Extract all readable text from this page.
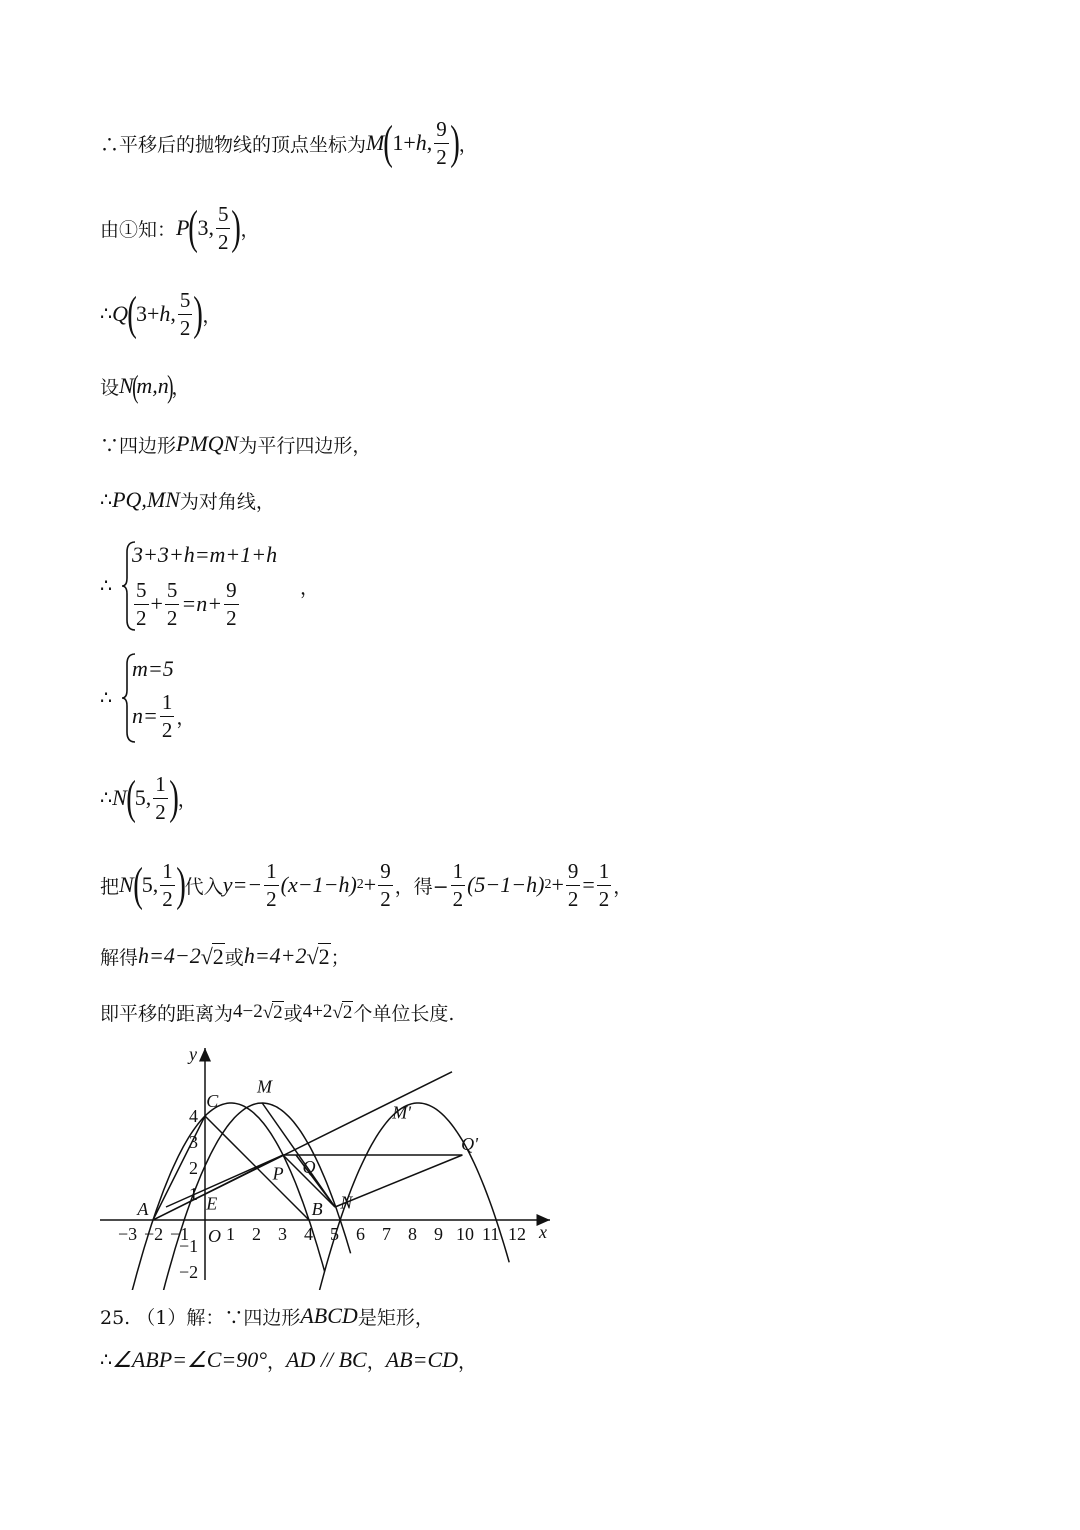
∴平移后的抛物线的顶点坐标为 M ( 1+ h , $\frac{9}{2}$ ) ，
由①知： P ( 3, $\frac{5}{2}$ ) ，
∴ Q ( 3+ h , $\frac{5}{2}$ ) ，
设 N
(
m,n
)
，
∵四边形 PMQN 为平行四边形，
∴ PQ,MN 为对角线，
∴
3+3+h=m+1+h
$\frac{5}{2} + \frac{5}{2} =n+ \frac{9}{2}$	，
∴
m=5
$n= \frac{1}{2}$ ，
∴ N ( 5, $\frac{1}{2}$ ) ，
把 N ( 5, $\frac{1}{2}$ ) 代入 $y=- \frac{1}{2} (x-1-h) 2 + \frac{9}{2}$ ，得− $\frac{1}{2} (5-1-h) 2 + \frac{9}{2} = \frac{1}{2}$ ，
解得 h=4−2 √ 2 或 h=4+2 √ 2 ；
即平移的距离为 4−2 √ 2 或 4+2 √ 2 个单位长度.
−3 −2 −1 1 2 3 4 5 6 7 8 9 10 11 12
4
3
2
1
−1
−2
x
y
O
A
C
M
M'
E
P Q
Q'
B N
25. （1）解：∵四边形 ABCD 是矩形，
∴ ∠ABP=∠C=90° ， AD // BC ， AB=CD ，
